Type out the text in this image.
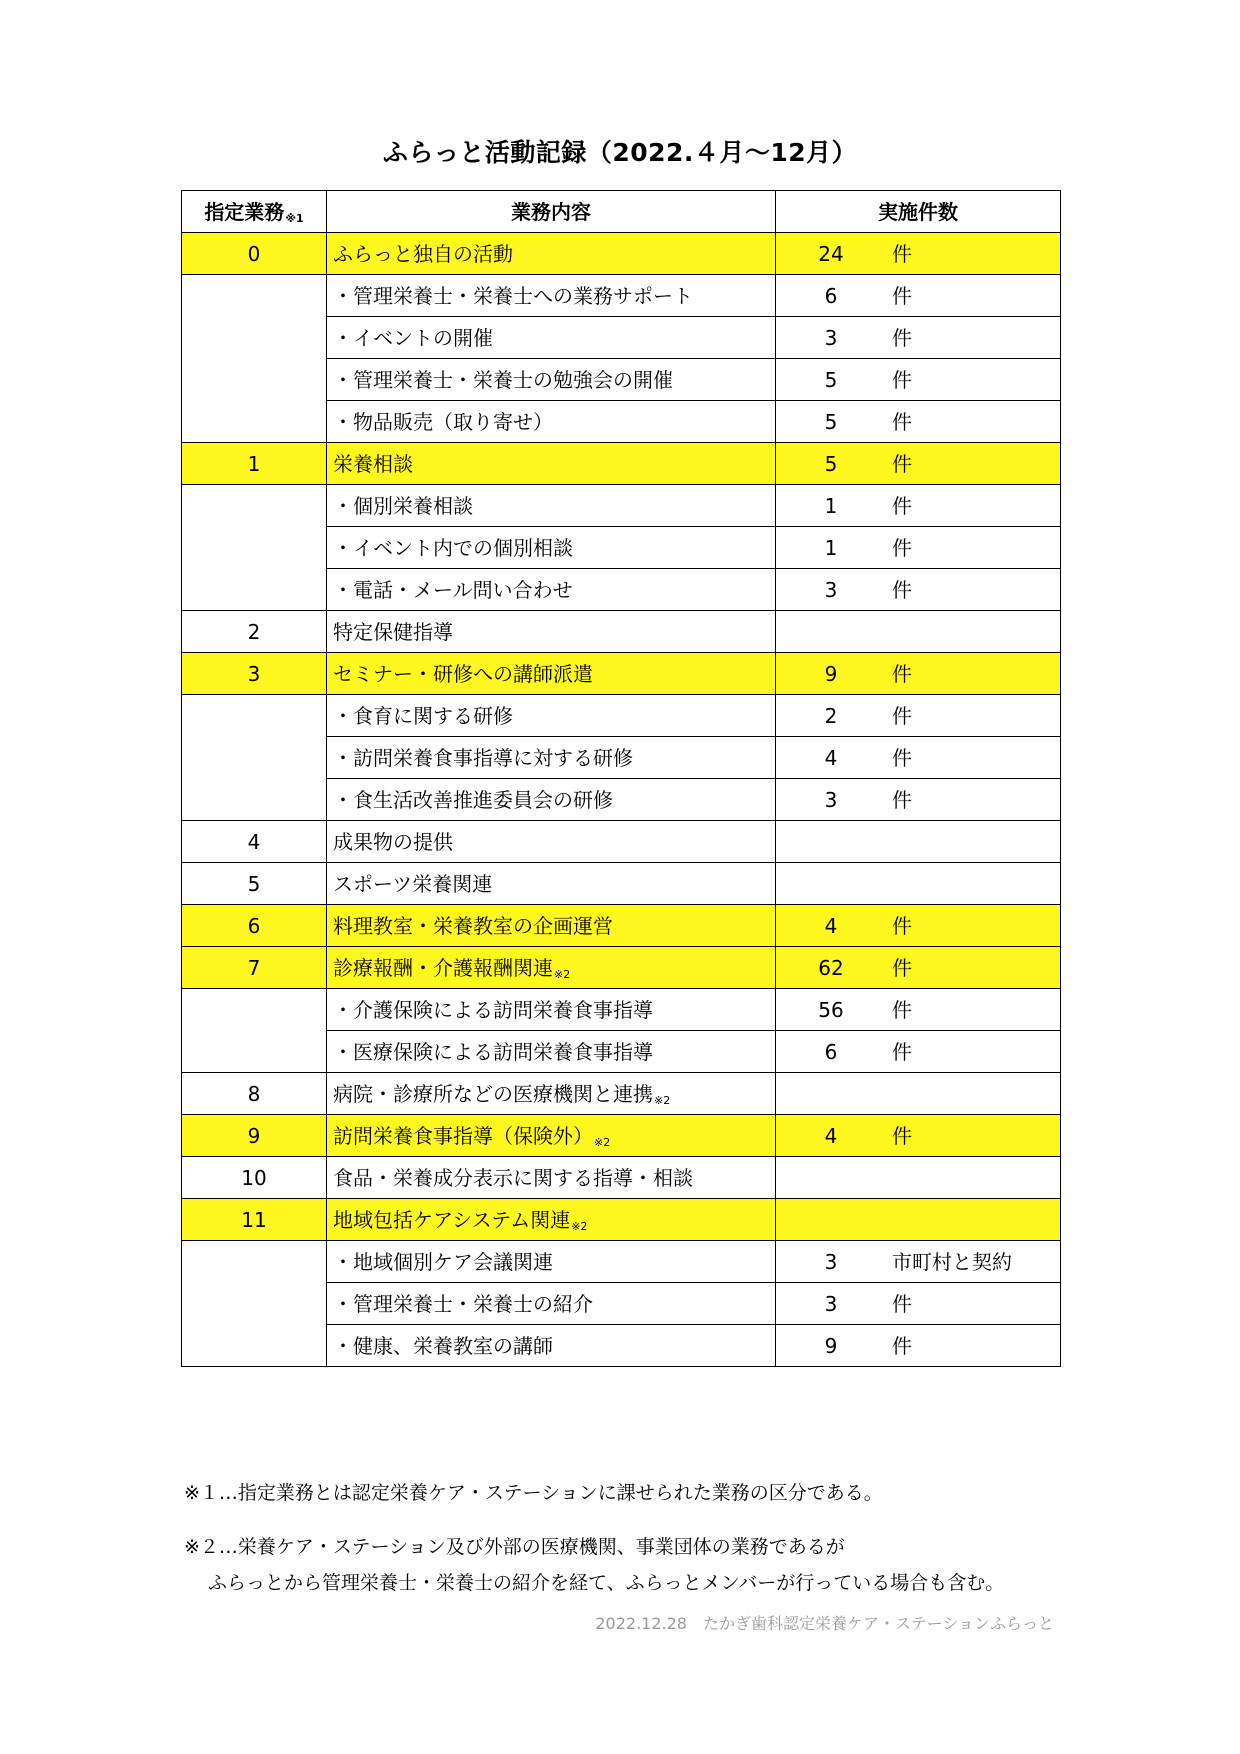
ふらっと活動記録（2022.４月〜12月）
指定業務※1	業務内容	実施件数
0	ふらっと独自の活動	24 件

	・管理栄養士・栄養士への業務サポート	6 件

	・イベントの開催	3 件

	・管理栄養士・栄養士の勉強会の開催	5 件

	・物品販売（取り寄せ）	5 件

1	栄養相談	5 件

	・個別栄養相談	1 件

	・イベント内での個別相談	1 件

	・電話・メール問い合わせ	3 件

2	特定保健指導	

3	セミナー・研修への講師派遣	9 件

	・食育に関する研修	2 件

	・訪問栄養食事指導に対する研修	4 件

	・食生活改善推進委員会の研修	3 件

4	成果物の提供	

5	スポーツ栄養関連	

6	料理教室・栄養教室の企画運営	4 件

7	診療報酬・介護報酬関連※2	62 件

	・介護保険による訪問栄養食事指導	56 件

	・医療保険による訪問栄養食事指導	6 件

8	病院・診療所などの医療機関と連携※2	

9	訪問栄養食事指導（保険外）※2	4 件

10	食品・栄養成分表示に関する指導・相談	

11	地域包括ケアシステム関連※2	

	・地域個別ケア会議関連	3 市町村と契約

	・管理栄養士・栄養士の紹介	3 件

	・健康、栄養教室の講師	9 件
※１…指定業務とは認定栄養ケア・ステーションに課せられた業務の区分である。
※２…栄養ケア・ステーション及び外部の医療機関、事業団体の業務であるが
ふらっとから管理栄養士・栄養士の紹介を経て、ふらっとメンバーが行っている場合も含む。
2022.12.28　たかぎ歯科認定栄養ケア・ステーションふらっと
